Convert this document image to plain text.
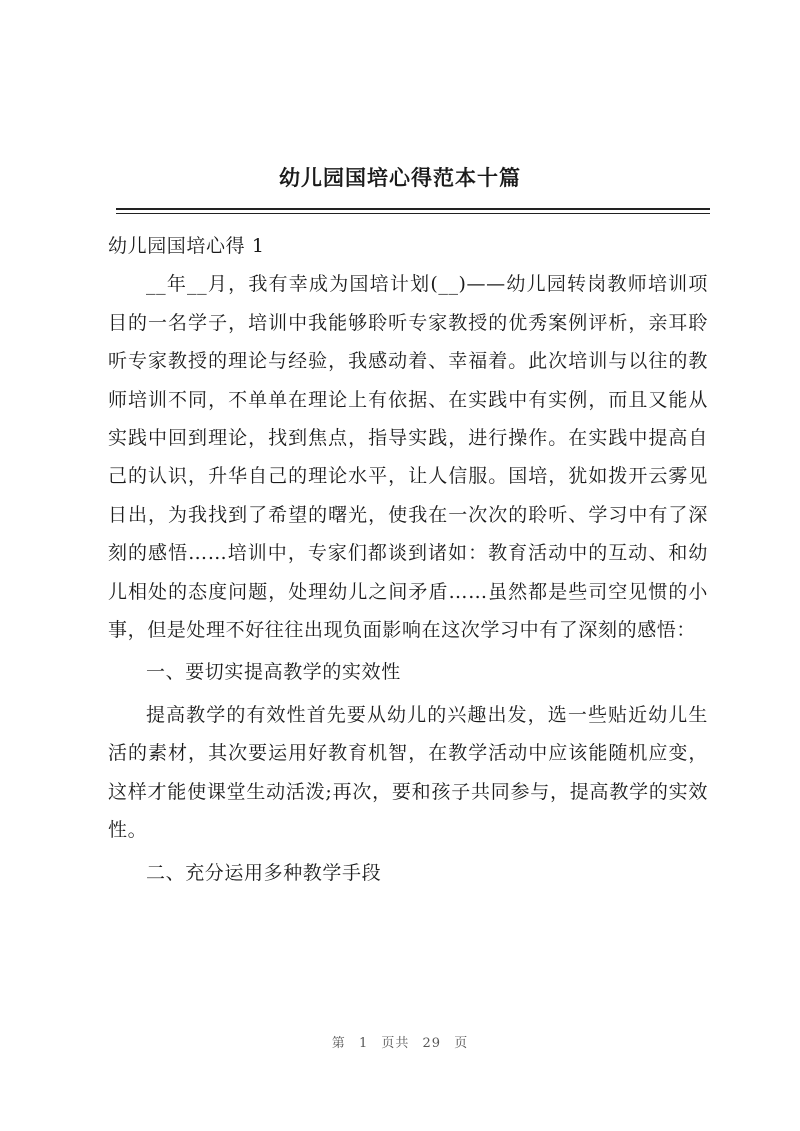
幼儿园国培心得范本十篇

幼儿园国培心得 1

__年__月，我有幸成为国培计划(__)——幼儿园转岗教师培训项目的一名学子，培训中我能够聆听专家教授的优秀案例评析，亲耳聆听专家教授的理论与经验，我感动着、幸福着。此次培训与以往的教师培训不同，不单单在理论上有依据、在实践中有实例，而且又能从实践中回到理论，找到焦点，指导实践，进行操作。在实践中提高自己的认识，升华自己的理论水平，让人信服。国培，犹如拨开云雾见日出，为我找到了希望的曙光，使我在一次次的聆听、学习中有了深刻的感悟……培训中，专家们都谈到诸如：教育活动中的互动、和幼儿相处的态度问题，处理幼儿之间矛盾……虽然都是些司空见惯的小事，但是处理不好往往出现负面影响在这次学习中有了深刻的感悟：

一、要切实提高教学的实效性

提高教学的有效性首先要从幼儿的兴趣出发，选一些贴近幼儿生活的素材，其次要运用好教育机智，在教学活动中应该能随机应变，这样才能使课堂生动活泼;再次，要和孩子共同参与，提高教学的实效性。

二、充分运用多种教学手段

第 1 页共 29 页
